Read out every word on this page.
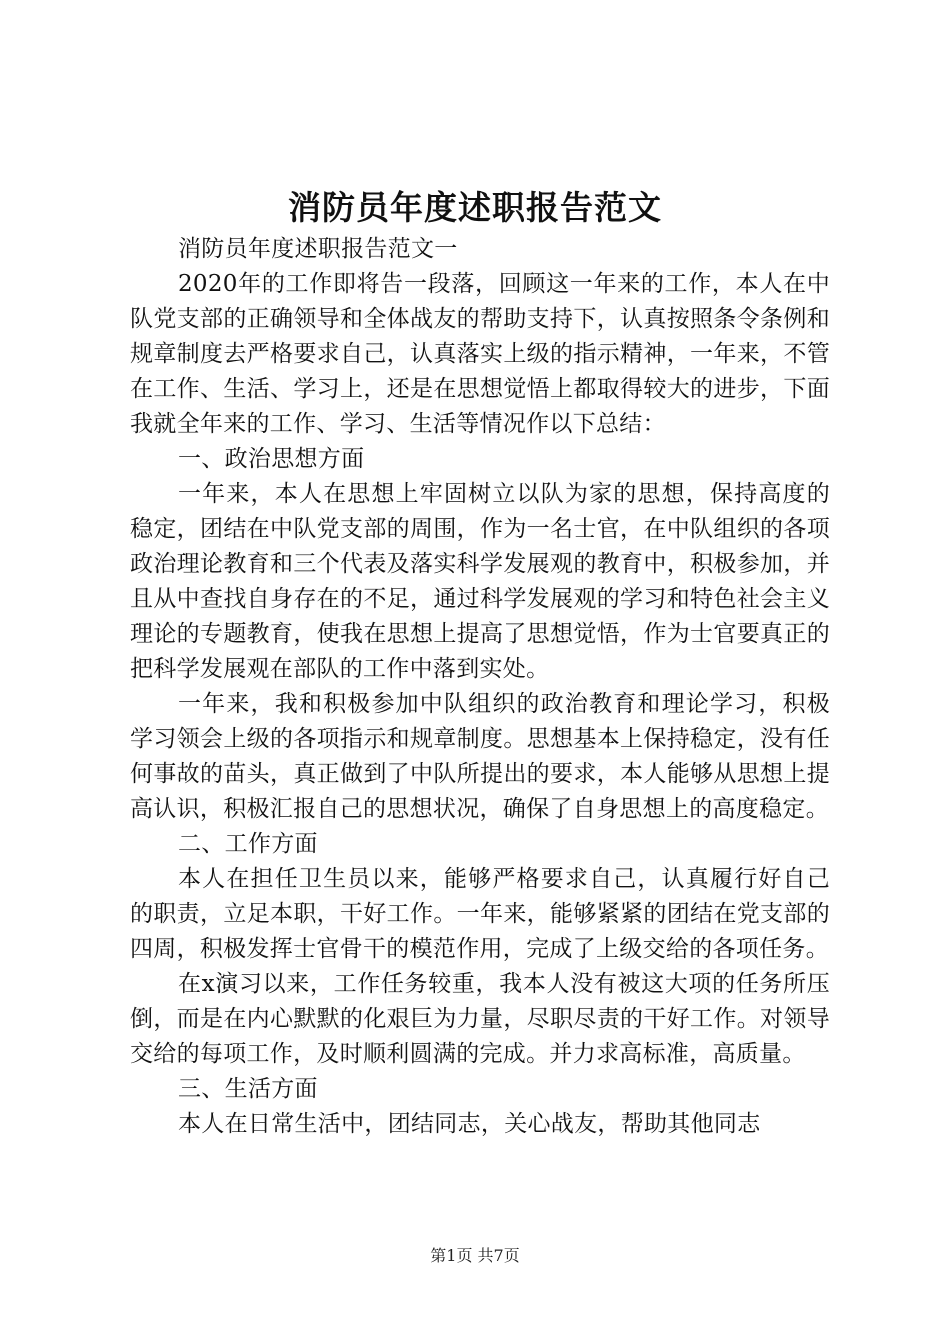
消防员年度述职报告范文

消防员年度述职报告范文一

2020年的工作即将告一段落，回顾这一年来的工作，本人在中队党支部的正确领导和全体战友的帮助支持下，认真按照条令条例和规章制度去严格要求自己，认真落实上级的指示精神，一年来，不管在工作、生活、学习上，还是在思想觉悟上都取得较大的进步，下面我就全年来的工作、学习、生活等情况作以下总结：

一、政治思想方面

一年来，本人在思想上牢固树立以队为家的思想，保持高度的稳定，团结在中队党支部的周围，作为一名士官，在中队组织的各项政治理论教育和三个代表及落实科学发展观的教育中，积极参加，并且从中查找自身存在的不足，通过科学发展观的学习和特色社会主义理论的专题教育，使我在思想上提高了思想觉悟，作为士官要真正的把科学发展观在部队的工作中落到实处。

一年来，我和积极参加中队组织的政治教育和理论学习，积极学习领会上级的各项指示和规章制度。思想基本上保持稳定，没有任何事故的苗头，真正做到了中队所提出的要求，本人能够从思想上提高认识，积极汇报自己的思想状况，确保了自身思想上的高度稳定。

二、工作方面

本人在担任卫生员以来，能够严格要求自己，认真履行好自己的职责，立足本职，干好工作。一年来，能够紧紧的团结在党支部的四周，积极发挥士官骨干的模范作用，完成了上级交给的各项任务。

在x演习以来，工作任务较重，我本人没有被这大项的任务所压倒，而是在内心默默的化艰巨为力量，尽职尽责的干好工作。对领导交给的每项工作，及时顺利圆满的完成。并力求高标准，高质量。

三、生活方面

本人在日常生活中，团结同志，关心战友，帮助其他同志

第1页 共7页
